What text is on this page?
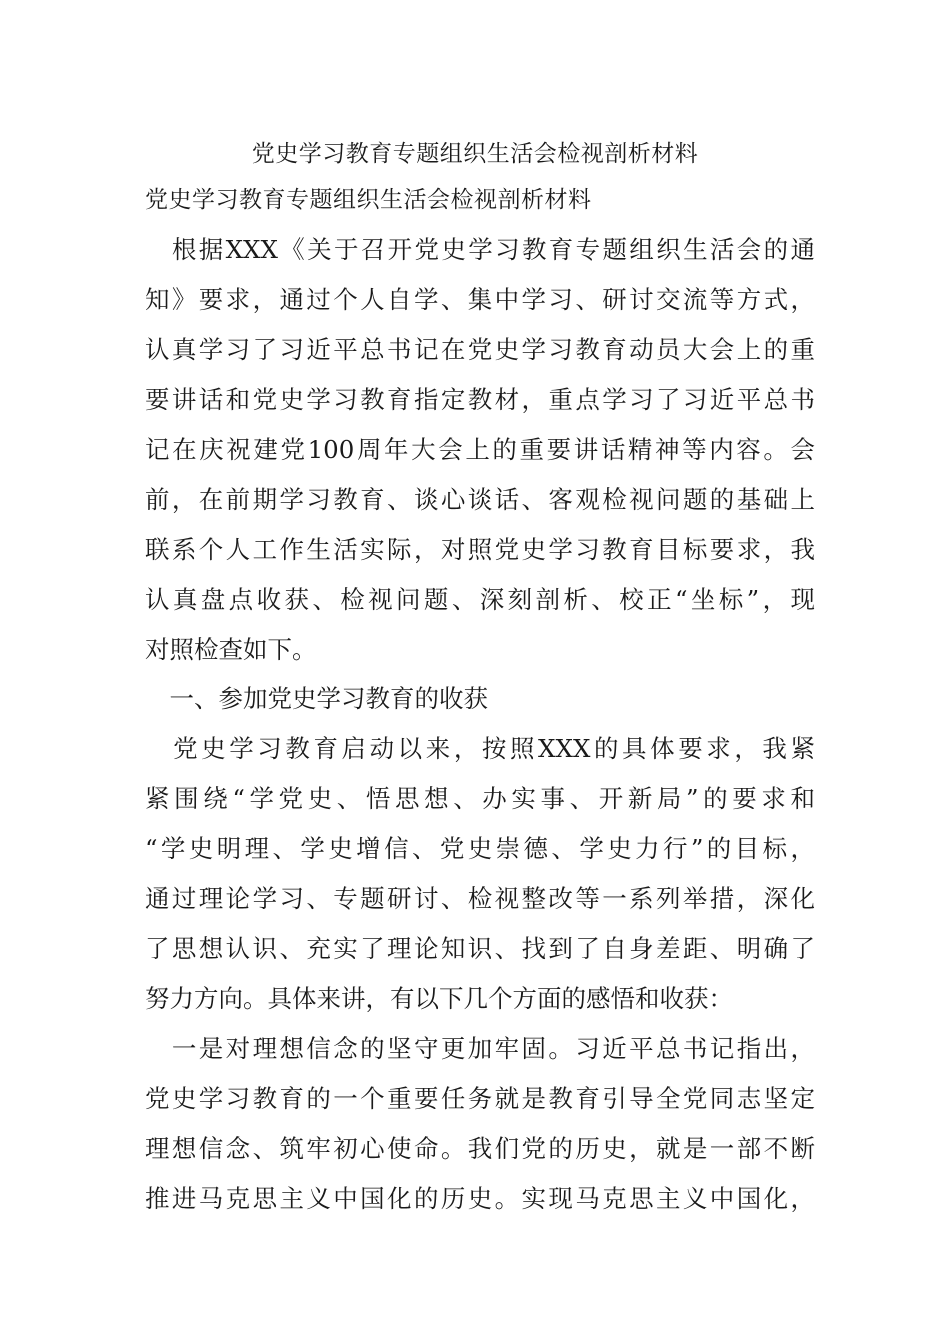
党史学习教育专题组织生活会检视剖析材料
党史学习教育专题组织生活会检视剖析材料
　根据XXX《关于召开党史学习教育专题组织生活会的通
知》要求，通过个人自学、集中学习、研讨交流等方式，
认真学习了习近平总书记在党史学习教育动员大会上的重
要讲话和党史学习教育指定教材，重点学习了习近平总书
记在庆祝建党100周年大会上的重要讲话精神等内容。会
前，在前期学习教育、谈心谈话、客观检视问题的基础上
联系个人工作生活实际，对照党史学习教育目标要求，我
认真盘点收获、检视问题、深刻剖析、校正“坐标”，现
对照检查如下。
　一、参加党史学习教育的收获
　党史学习教育启动以来，按照XXX的具体要求，我紧
紧围绕“学党史、悟思想、办实事、开新局”的要求和
“学史明理、学史增信、党史崇德、学史力行”的目标，
通过理论学习、专题研讨、检视整改等一系列举措，深化
了思想认识、充实了理论知识、找到了自身差距、明确了
努力方向。具体来讲，有以下几个方面的感悟和收获：
　一是对理想信念的坚守更加牢固。习近平总书记指出，
党史学习教育的一个重要任务就是教育引导全党同志坚定
理想信念、筑牢初心使命。我们党的历史，就是一部不断
推进马克思主义中国化的历史。实现马克思主义中国化，
